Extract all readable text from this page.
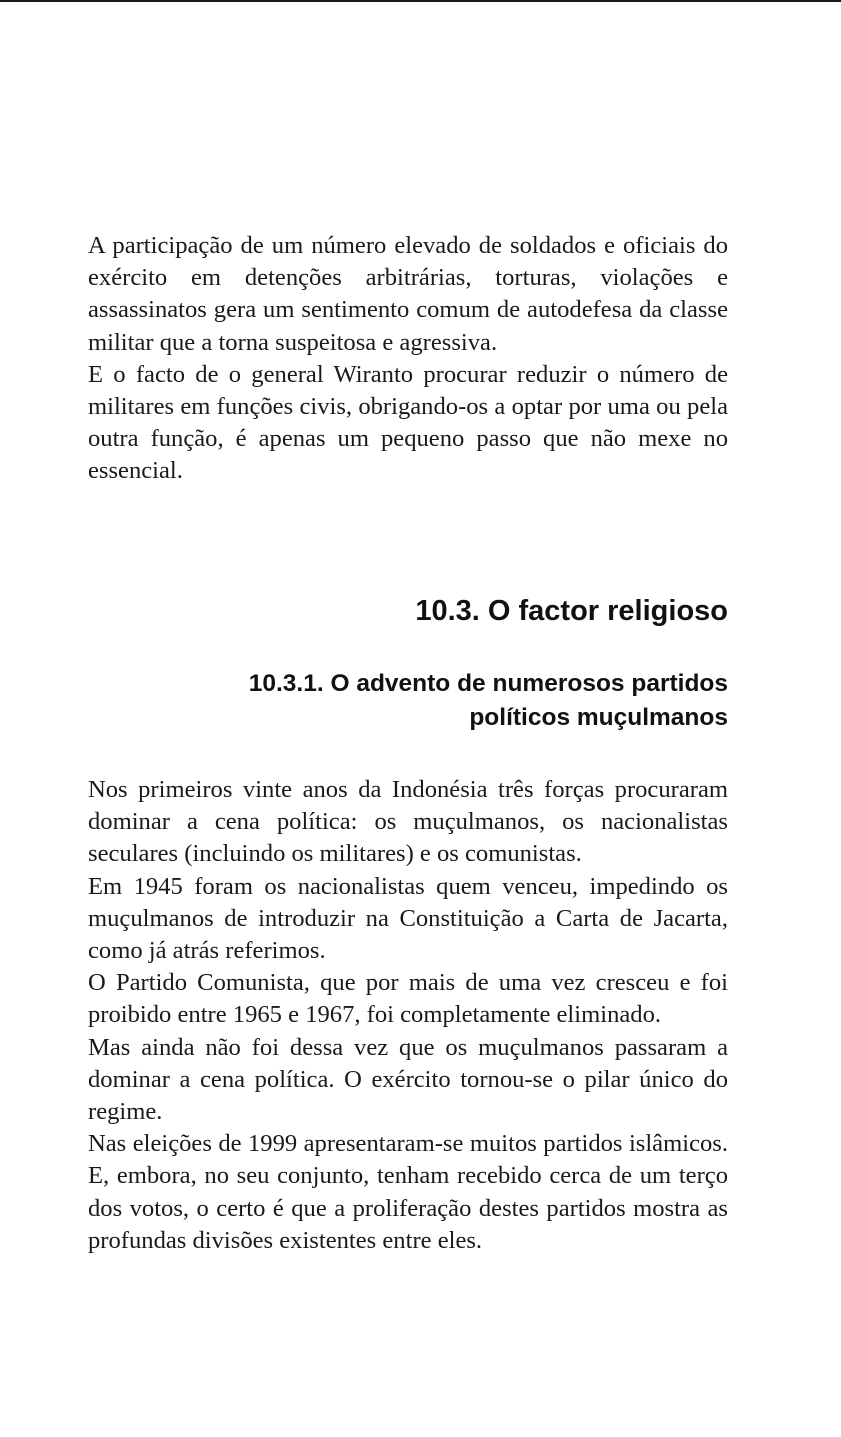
A participação de um número elevado de soldados e oficiais do exército em detenções arbitrárias, torturas, violações e assassinatos gera um sentimento comum de autodefesa da classe militar que a torna suspeitosa e agressiva.

E o facto de o general Wiranto procurar reduzir o número de militares em funções civis, obrigando-os a optar por uma ou pela outra função, é apenas um pequeno passo que não mexe no essencial.

10.3. O factor religioso
10.3.1. O advento de numerosos partidos
políticos muçulmanos

Nos primeiros vinte anos da Indonésia três forças procuraram dominar a cena política: os muçulmanos, os nacionalistas seculares (incluindo os militares) e os comunistas.

Em 1945 foram os nacionalistas quem venceu, impedindo os muçulmanos de introduzir na Constituição a Carta de Jacarta, como já atrás referimos.

O Partido Comunista, que por mais de uma vez cresceu e foi proibido entre 1965 e 1967, foi completamente eliminado.

Mas ainda não foi dessa vez que os muçulmanos passaram a dominar a cena política. O exército tornou-se o pilar único do regime.

Nas eleições de 1999 apresentaram-se muitos partidos islâmicos. E, embora, no seu conjunto, tenham recebido cerca de um terço dos votos, o certo é que a proliferação destes partidos mostra as profundas divisões existentes entre eles.
